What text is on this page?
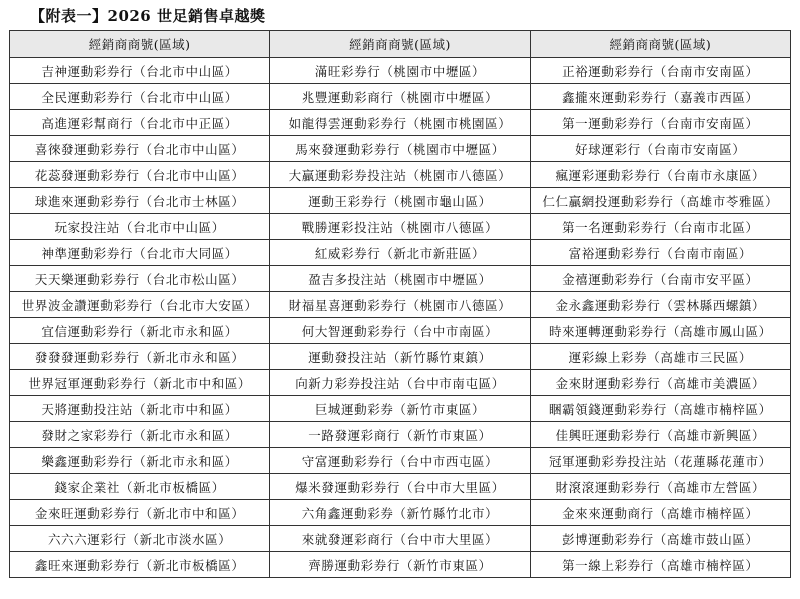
【附表一】2026 世足銷售卓越獎
經銷商商號(區域)	經銷商商號(區域)	經銷商商號(區域)
吉神運動彩券行（台北市中山區）	滿旺彩券行（桃園市中壢區）	正裕運動彩券行（台南市安南區）
全民運動彩券行（台北市中山區）	兆豐運動彩商行（桃園市中壢區）	鑫攏來運動彩券行（嘉義市西區）
高進運彩幫商行（台北市中正區）	如龍得雲運動彩券行（桃園市桃園區）	第一運動彩券行（台南市安南區）
喜徠發運動彩券行（台北市中山區）	馬來發運動彩券行（桃園市中壢區）	好球運彩行（台南市安南區）
花蕊發運動彩券行（台北市中山區）	大贏運動彩券投注站（桃園市八德區）	瘋運彩運動彩券行（台南市永康區）
球進來運動彩券行（台北市士林區）	運動王彩券行（桃園市龜山區）	仁仁贏網投運動彩券行（高雄市苓雅區）
玩家投注站（台北市中山區）	戰勝運彩投注站（桃園市八德區）	第一名運動彩券行（台南市北區）
神準運動彩券行（台北市大同區）	紅威彩券行（新北市新莊區）	富裕運動彩券行（台南市南區）
天天樂運動彩券行（台北市松山區）	盈吉多投注站（桃園市中壢區）	金禧運動彩券行（台南市安平區）
世界波金讚運動彩券行（台北市大安區）	財福星喜運動彩券行（桃園市八德區）	金永鑫運動彩券行（雲林縣西螺鎮）
宜信運動彩券行（新北市永和區）	何大智運動彩券行（台中市南區）	時來運轉運動彩券行（高雄市鳳山區）
發發發運動彩券行（新北市永和區）	運動發投注站（新竹縣竹東鎮）	運彩線上彩券（高雄市三民區）
世界冠軍運動彩券行（新北市中和區）	向新力彩券投注站（台中市南屯區）	金來財運動彩券行（高雄市美濃區）
天將運動投注站（新北市中和區）	巨城運動彩券（新竹市東區）	睏霸領錢運動彩券行（高雄市楠梓區）
發財之家彩券行（新北市永和區）	一路發運彩商行（新竹市東區）	佳興旺運動彩券行（高雄市新興區）
樂鑫運動彩券行（新北市永和區）	守富運動彩券行（台中市西屯區）	冠軍運動彩券投注站（花蓮縣花蓮市）
錢家企業社（新北市板橋區）	爆米發運動彩券行（台中市大里區）	財滾滾運動彩券行（高雄市左營區）
金來旺運動彩券行（新北市中和區）	六角鑫運動彩券（新竹縣竹北市）	金來來運動商行（高雄市楠梓區）
六六六運彩行（新北市淡水區）	來就發運彩商行（台中市大里區）	彭博運動彩券行（高雄市鼓山區）
鑫旺來運動彩券行（新北市板橋區）	齊勝運動彩券行（新竹市東區）	第一線上彩券行（高雄市楠梓區）
